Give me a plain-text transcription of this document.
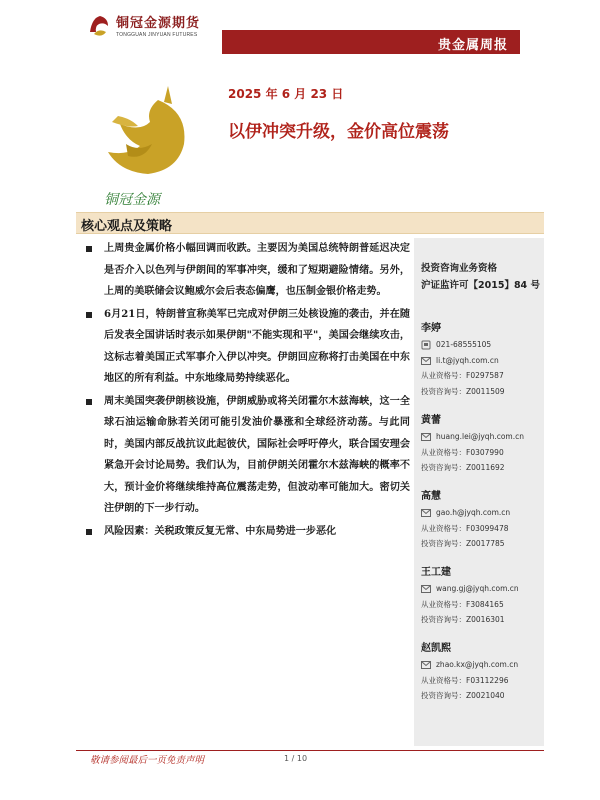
铜冠金源期货
TONGGUAN JINYUAN FUTURES
贵金属周报
铜冠金源
2025 年 6 月 23 日
以伊冲突升级，金价高位震荡
核心观点及策略
上周贵金属价格小幅回调而收跌。主要因为美国总统特朗普延迟决定是否介入以色列与伊朗间的军事冲突，缓和了短期避险情绪。另外，上周的美联储会议鲍威尔会后表态偏鹰，也压制金银价格走势。
6月21日，特朗普宣称美军已完成对伊朗三处核设施的袭击，并在随后发表全国讲话时表示如果伊朗"不能实现和平"，美国会继续攻击，这标志着美国正式军事介入伊以冲突。伊朗回应称将打击美国在中东地区的所有利益。中东地缘局势持续恶化。
周末美国突袭伊朗核设施，伊朗威胁或将关闭霍尔木兹海峡，这一全球石油运输命脉若关闭可能引发油价暴涨和全球经济动荡。与此同时，美国内部反战抗议此起彼伏，国际社会呼吁停火，联合国安理会紧急开会讨论局势。我们认为，目前伊朗关闭霍尔木兹海峡的概率不大，预计金价将继续维持高位震荡走势，但波动率可能加大。密切关注伊朗的下一步行动。
风险因素：关税政策反复无常、中东局势进一步恶化
投资咨询业务资格
沪证监许可【2015】84 号
李婷
021-68555105
li.t@jyqh.com.cn
从业资格号：F0297587
投资咨询号：Z0011509
黄蕾
huang.lei@jyqh.com.cn
从业资格号：F0307990
投资咨询号：Z0011692
高慧
gao.h@jyqh.com.cn
从业资格号：F03099478
投资咨询号：Z0017785
王工建
wang.gj@jyqh.com.cn
从业资格号：F3084165
投资咨询号：Z0016301
赵凯熙
zhao.kx@jyqh.com.cn
从业资格号：F03112296
投资咨询号：Z0021040
敬请参阅最后一页免责声明	1 / 10
